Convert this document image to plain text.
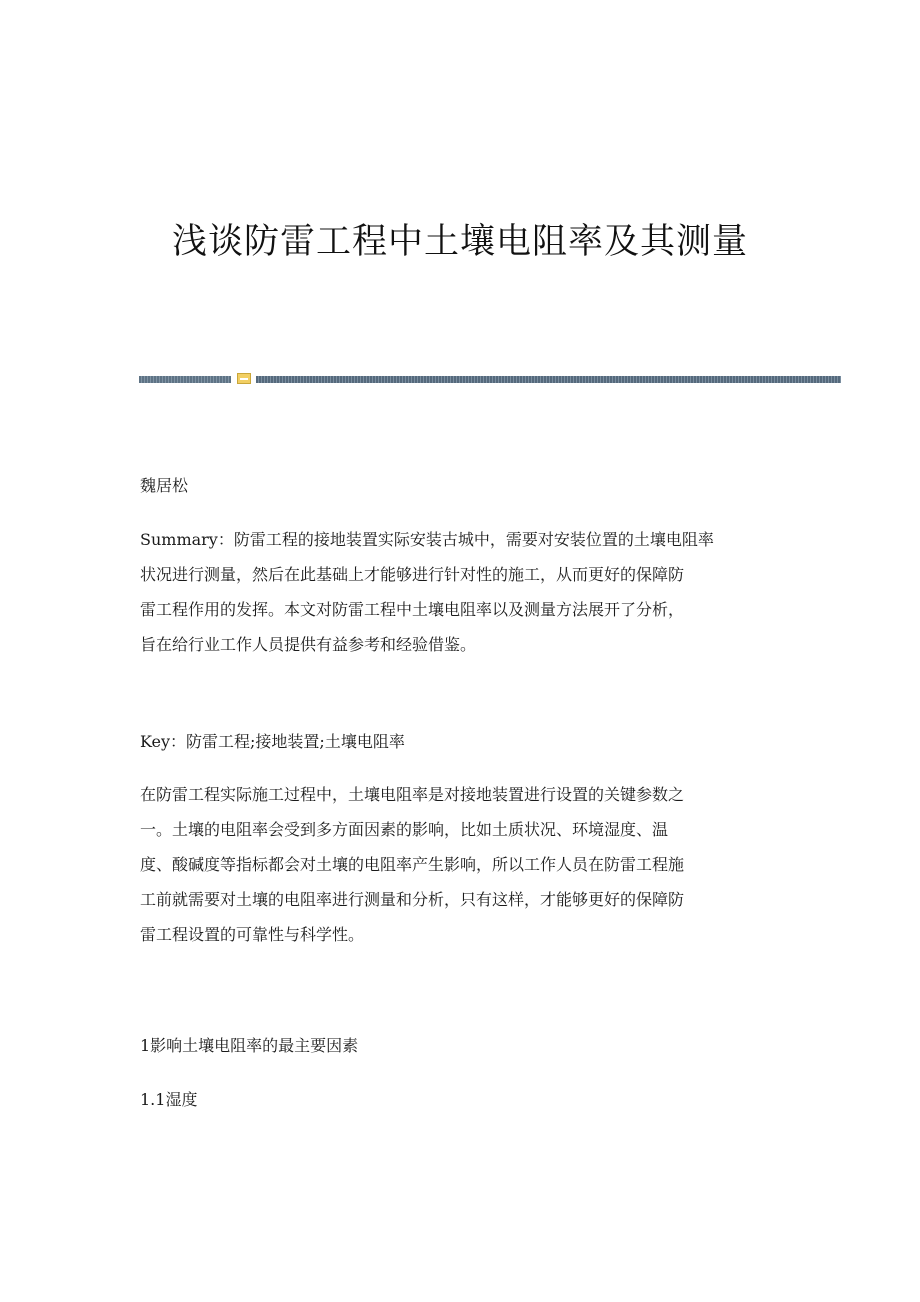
浅谈防雷工程中土壤电阻率及其测量

魏居松

Summary：防雷工程的接地装置实际安装古城中，需要对安装位置的土壤电阻率
状况进行测量，然后在此基础上才能够进行针对性的施工，从而更好的保障防
雷工程作用的发挥。本文对防雷工程中土壤电阻率以及测量方法展开了分析，
旨在给行业工作人员提供有益参考和经验借鉴。

Key：防雷工程;接地装置;土壤电阻率

在防雷工程实际施工过程中，土壤电阻率是对接地装置进行设置的关键参数之
一。土壤的电阻率会受到多方面因素的影响，比如土质状况、环境湿度、温
度、酸碱度等指标都会对土壤的电阻率产生影响，所以工作人员在防雷工程施
工前就需要对土壤的电阻率进行测量和分析，只有这样，才能够更好的保障防
雷工程设置的可靠性与科学性。

1影响土壤电阻率的最主要因素

1.1湿度
